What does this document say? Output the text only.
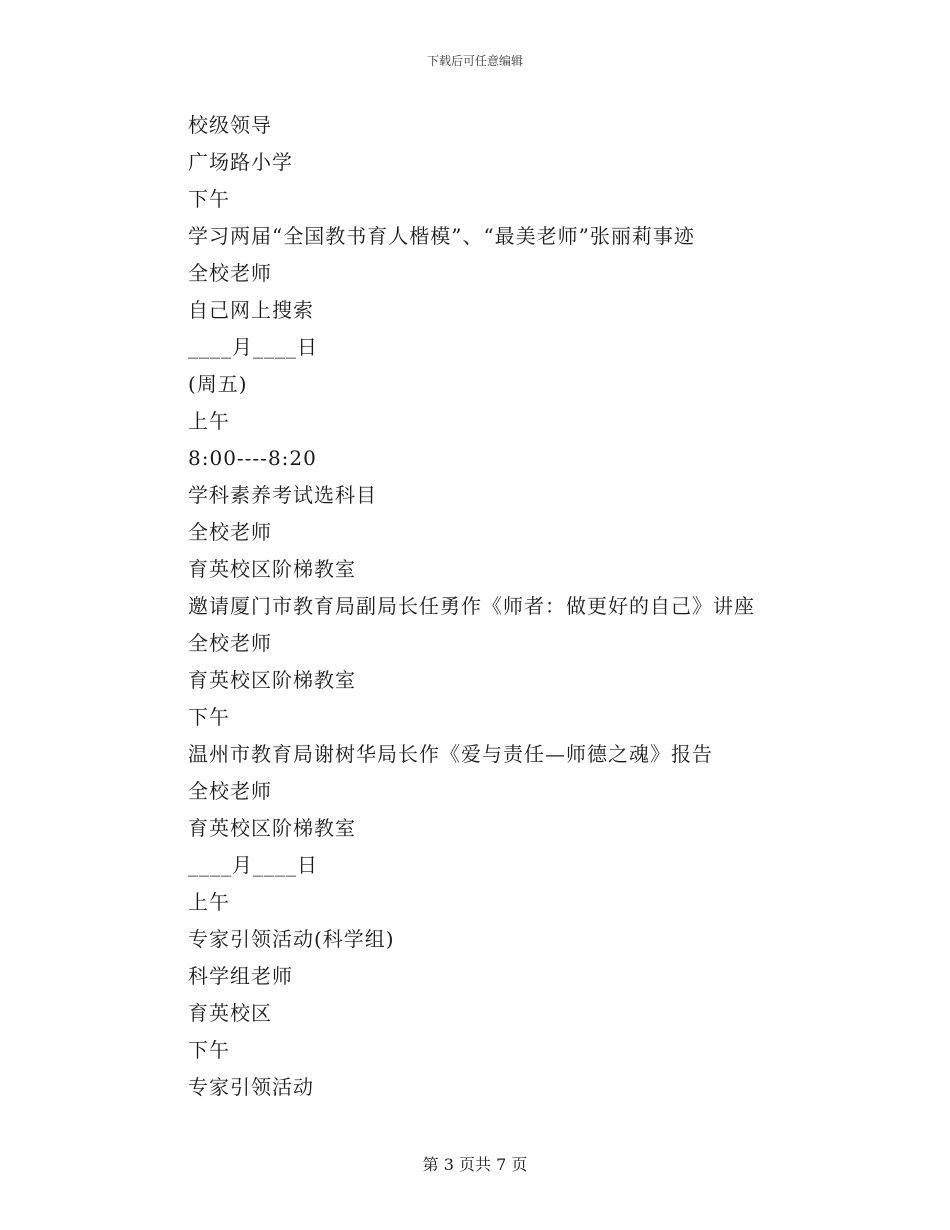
下载后可任意编辑
校级领导
广场路小学
下午
学习两届“全国教书育人楷模”、“最美老师”张丽莉事迹
全校老师
自己网上搜索
____月____日
(周五)
上午
8:00----8:20
学科素养考试选科目
全校老师
育英校区阶梯教室
邀请厦门市教育局副局长任勇作《师者：做更好的自己》讲座
全校老师
育英校区阶梯教室
下午
温州市教育局谢树华局长作《爱与责任—师德之魂》报告
全校老师
育英校区阶梯教室
____月____日
上午
专家引领活动(科学组)
科学组老师
育英校区
下午
专家引领活动
第 3 页共 7 页
